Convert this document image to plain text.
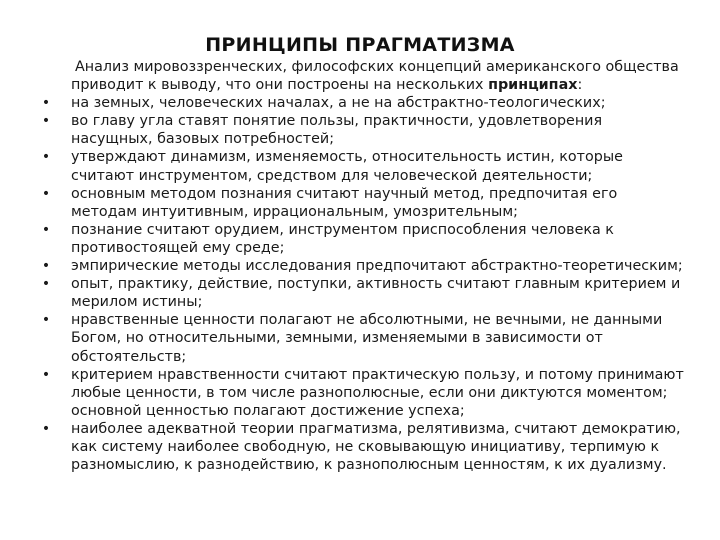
ПРИНЦИПЫ ПРАГМАТИЗМА

Анализ мировоззренческих, философских концепций американского общества приводит к выводу, что они построены на нескольких принципах:

• на земных, человеческих началах, а не на абстрактно-теологических;
• во главу угла ставят понятие пользы, практичности, удовлетворения насущных, базовых потребностей;
• утверждают динамизм, изменяемость, относительность истин, которые считают инструментом, средством для человеческой деятельности;
• основным методом познания считают научный метод, предпочитая его методам интуитивным, иррациональным, умозрительным;
• познание считают орудием, инструментом приспособления человека к противостоящей ему среде;
• эмпирические методы исследования предпочитают абстрактно-теоретическим;
• опыт, практику, действие, поступки, активность считают главным критерием и мерилом истины;
• нравственные ценности полагают не абсолютными, не вечными, не данными Богом, но относительными, земными, изменяемыми в зависимости от обстоятельств;
• критерием нравственности считают практическую пользу, и потому принимают любые ценности, в том числе разнополюсные, если они диктуются моментом; основной ценностью полагают достижение успеха;
• наиболее адекватной теории прагматизма, релятивизма, считают демократию, как систему наиболее свободную, не сковывающую инициативу, терпимую к разномыслию, к разнодействию, к разнополюсным ценностям, к их дуализму.
